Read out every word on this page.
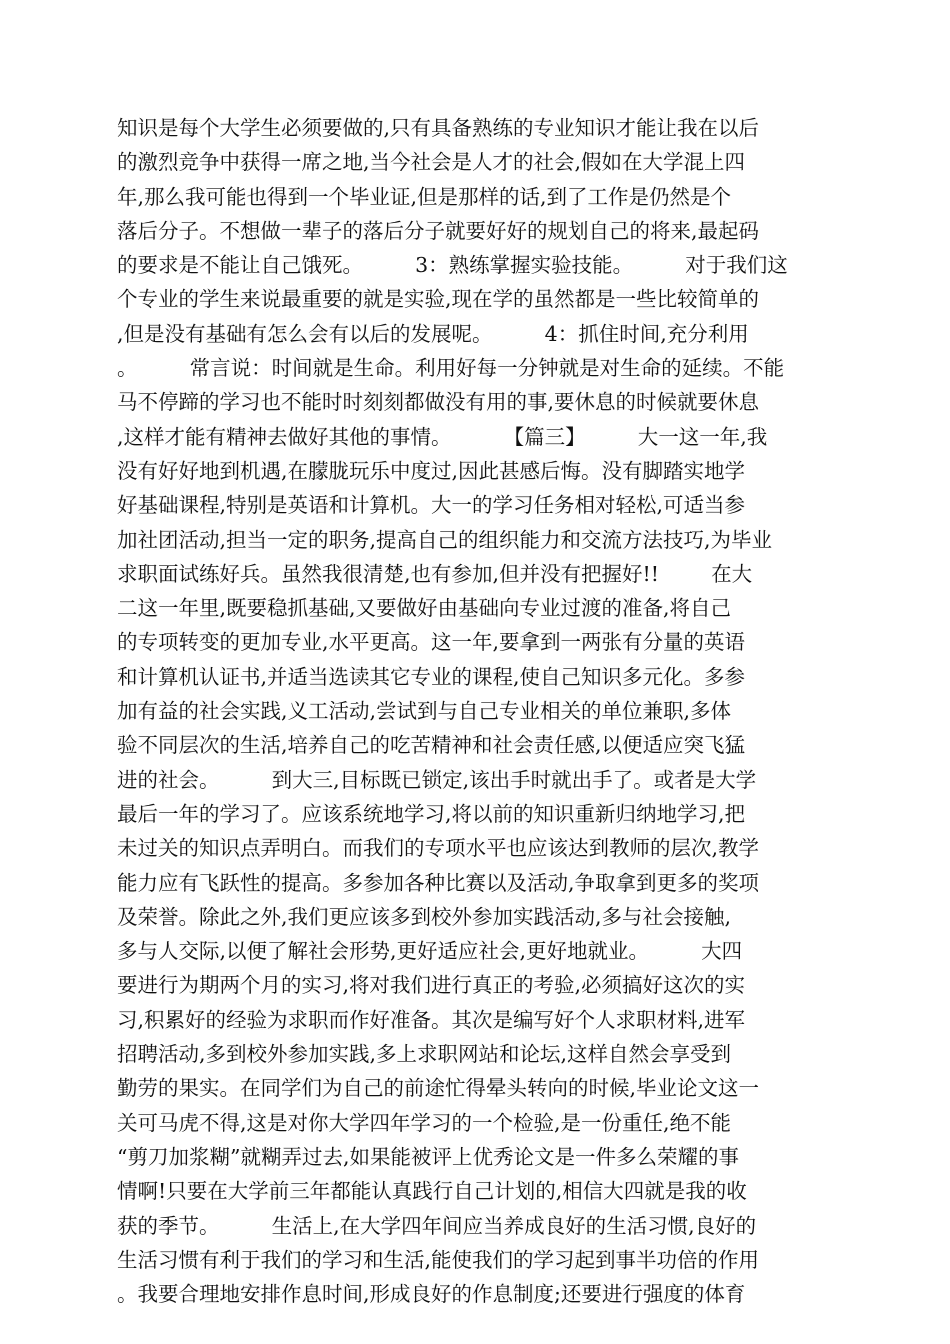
知识是每个大学生必须要做的,只有具备熟练的专业知识才能让我在以后
的激烈竞争中获得一席之地,当今社会是人才的社会,假如在大学混上四
年,那么我可能也得到一个毕业证,但是那样的话,到了工作是仍然是个
落后分子。不想做一辈子的落后分子就要好好的规划自己的将来,最起码
的要求是不能让自己饿死。        3：熟练掌握实验技能。        对于我们这
个专业的学生来说最重要的就是实验,现在学的虽然都是一些比较简单的
,但是没有基础有怎么会有以后的发展呢。        4：抓住时间,充分利用
。        常言说：时间就是生命。利用好每一分钟就是对生命的延续。不能
马不停蹄的学习也不能时时刻刻都做没有用的事,要休息的时候就要休息
,这样才能有精神去做好其他的事情。        【篇三】        大一这一年,我
没有好好地到机遇,在朦胧玩乐中度过,因此甚感后悔。没有脚踏实地学
好基础课程,特别是英语和计算机。大一的学习任务相对轻松,可适当参
加社团活动,担当一定的职务,提高自己的组织能力和交流方法技巧,为毕业
求职面试练好兵。虽然我很清楚,也有参加,但并没有把握好!!        在大
二这一年里,既要稳抓基础,又要做好由基础向专业过渡的准备,将自己
的专项转变的更加专业,水平更高。这一年,要拿到一两张有分量的英语
和计算机认证书,并适当选读其它专业的课程,使自己知识多元化。多参
加有益的社会实践,义工活动,尝试到与自己专业相关的单位兼职,多体
验不同层次的生活,培养自己的吃苦精神和社会责任感,以便适应突飞猛
进的社会。        到大三,目标既已锁定,该出手时就出手了。或者是大学
最后一年的学习了。应该系统地学习,将以前的知识重新归纳地学习,把
未过关的知识点弄明白。而我们的专项水平也应该达到教师的层次,教学
能力应有飞跃性的提高。多参加各种比赛以及活动,争取拿到更多的奖项
及荣誉。除此之外,我们更应该多到校外参加实践活动,多与社会接触,
多与人交际,以便了解社会形势,更好适应社会,更好地就业。        大四
要进行为期两个月的实习,将对我们进行真正的考验,必须搞好这次的实
习,积累好的经验为求职而作好准备。其次是编写好个人求职材料,进军
招聘活动,多到校外参加实践,多上求职网站和论坛,这样自然会享受到
勤劳的果实。在同学们为自己的前途忙得晕头转向的时候,毕业论文这一
关可马虎不得,这是对你大学四年学习的一个检验,是一份重任,绝不能
“剪刀加浆糊”就糊弄过去,如果能被评上优秀论文是一件多么荣耀的事
情啊!只要在大学前三年都能认真践行自己计划的,相信大四就是我的收
获的季节。        生活上,在大学四年间应当养成良好的生活习惯,良好的
生活习惯有利于我们的学习和生活,能使我们的学习起到事半功倍的作用
。我要合理地安排作息时间,形成良好的作息制度;还要进行强度的体育
